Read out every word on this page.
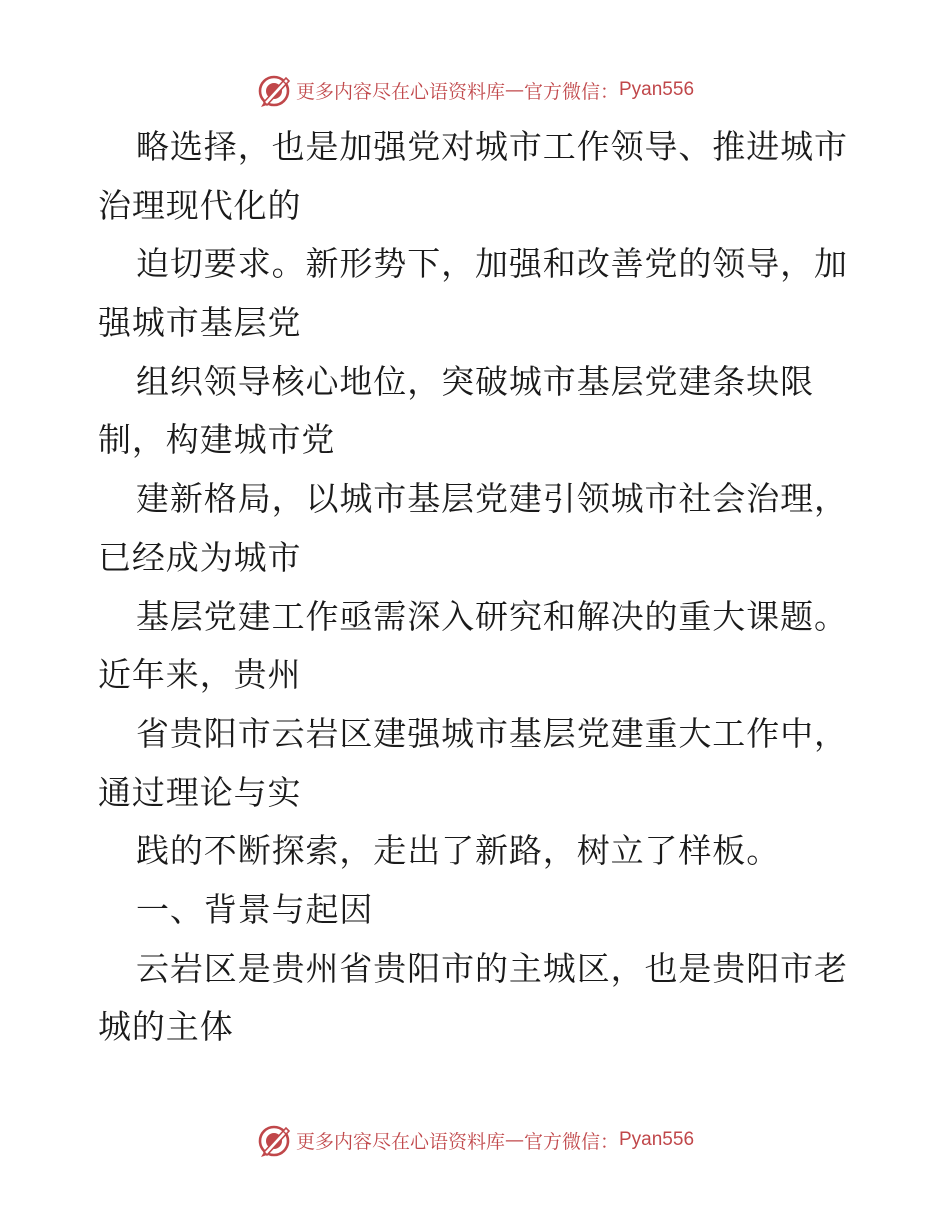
更多内容尽在心语资料库 — 官方微信： Pyan556
略选择，也是加强党对城市工作领导、推进城市
治理现代化的
迫切要求。新形势下，加强和改善党的领导，加
强城市基层党
组织领导核心地位，突破城市基层党建条块限
制，构建城市党
建新格局，以城市基层党建引领城市社会治理，
已经成为城市
基层党建工作亟需深入研究和解决的重大课题。
近年来，贵州
省贵阳市云岩区建强城市基层党建重大工作中，
通过理论与实
践的不断探索，走出了新路，树立了样板。
一、背景与起因
云岩区是贵州省贵阳市的主城区，也是贵阳市老
城的主体
更多内容尽在心语资料库 — 官方微信： Pyan556
